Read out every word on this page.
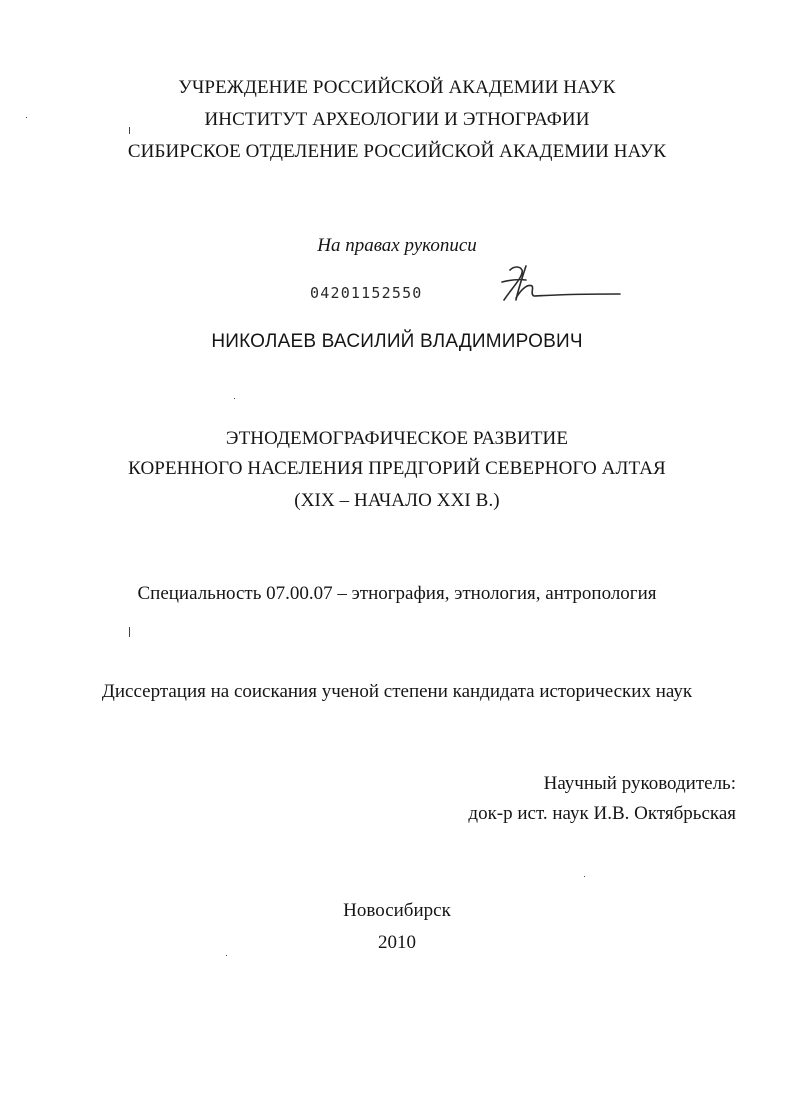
УЧРЕЖДЕНИЕ РОССИЙСКОЙ АКАДЕМИИ НАУК
ИНСТИТУТ АРХЕОЛОГИИ И ЭТНОГРАФИИ
СИБИРСКОЕ ОТДЕЛЕНИЕ РОССИЙСКОЙ АКАДЕМИИ НАУК
На правах рукописи
04201152550
НИКОЛАЕВ ВАСИЛИЙ ВЛАДИМИРОВИЧ
ЭТНОДЕМОГРАФИЧЕСКОЕ РАЗВИТИЕ
КОРЕННОГО НАСЕЛЕНИЯ ПРЕДГОРИЙ СЕВЕРНОГО АЛТАЯ
(XIX – НАЧАЛО XXI В.)
Специальность 07.00.07 – этнография, этнология, антропология
Диссертация на соискания ученой степени кандидата исторических наук
Научный руководитель:
док-р ист. наук И.В. Октябрьская
Новосибирск
2010
